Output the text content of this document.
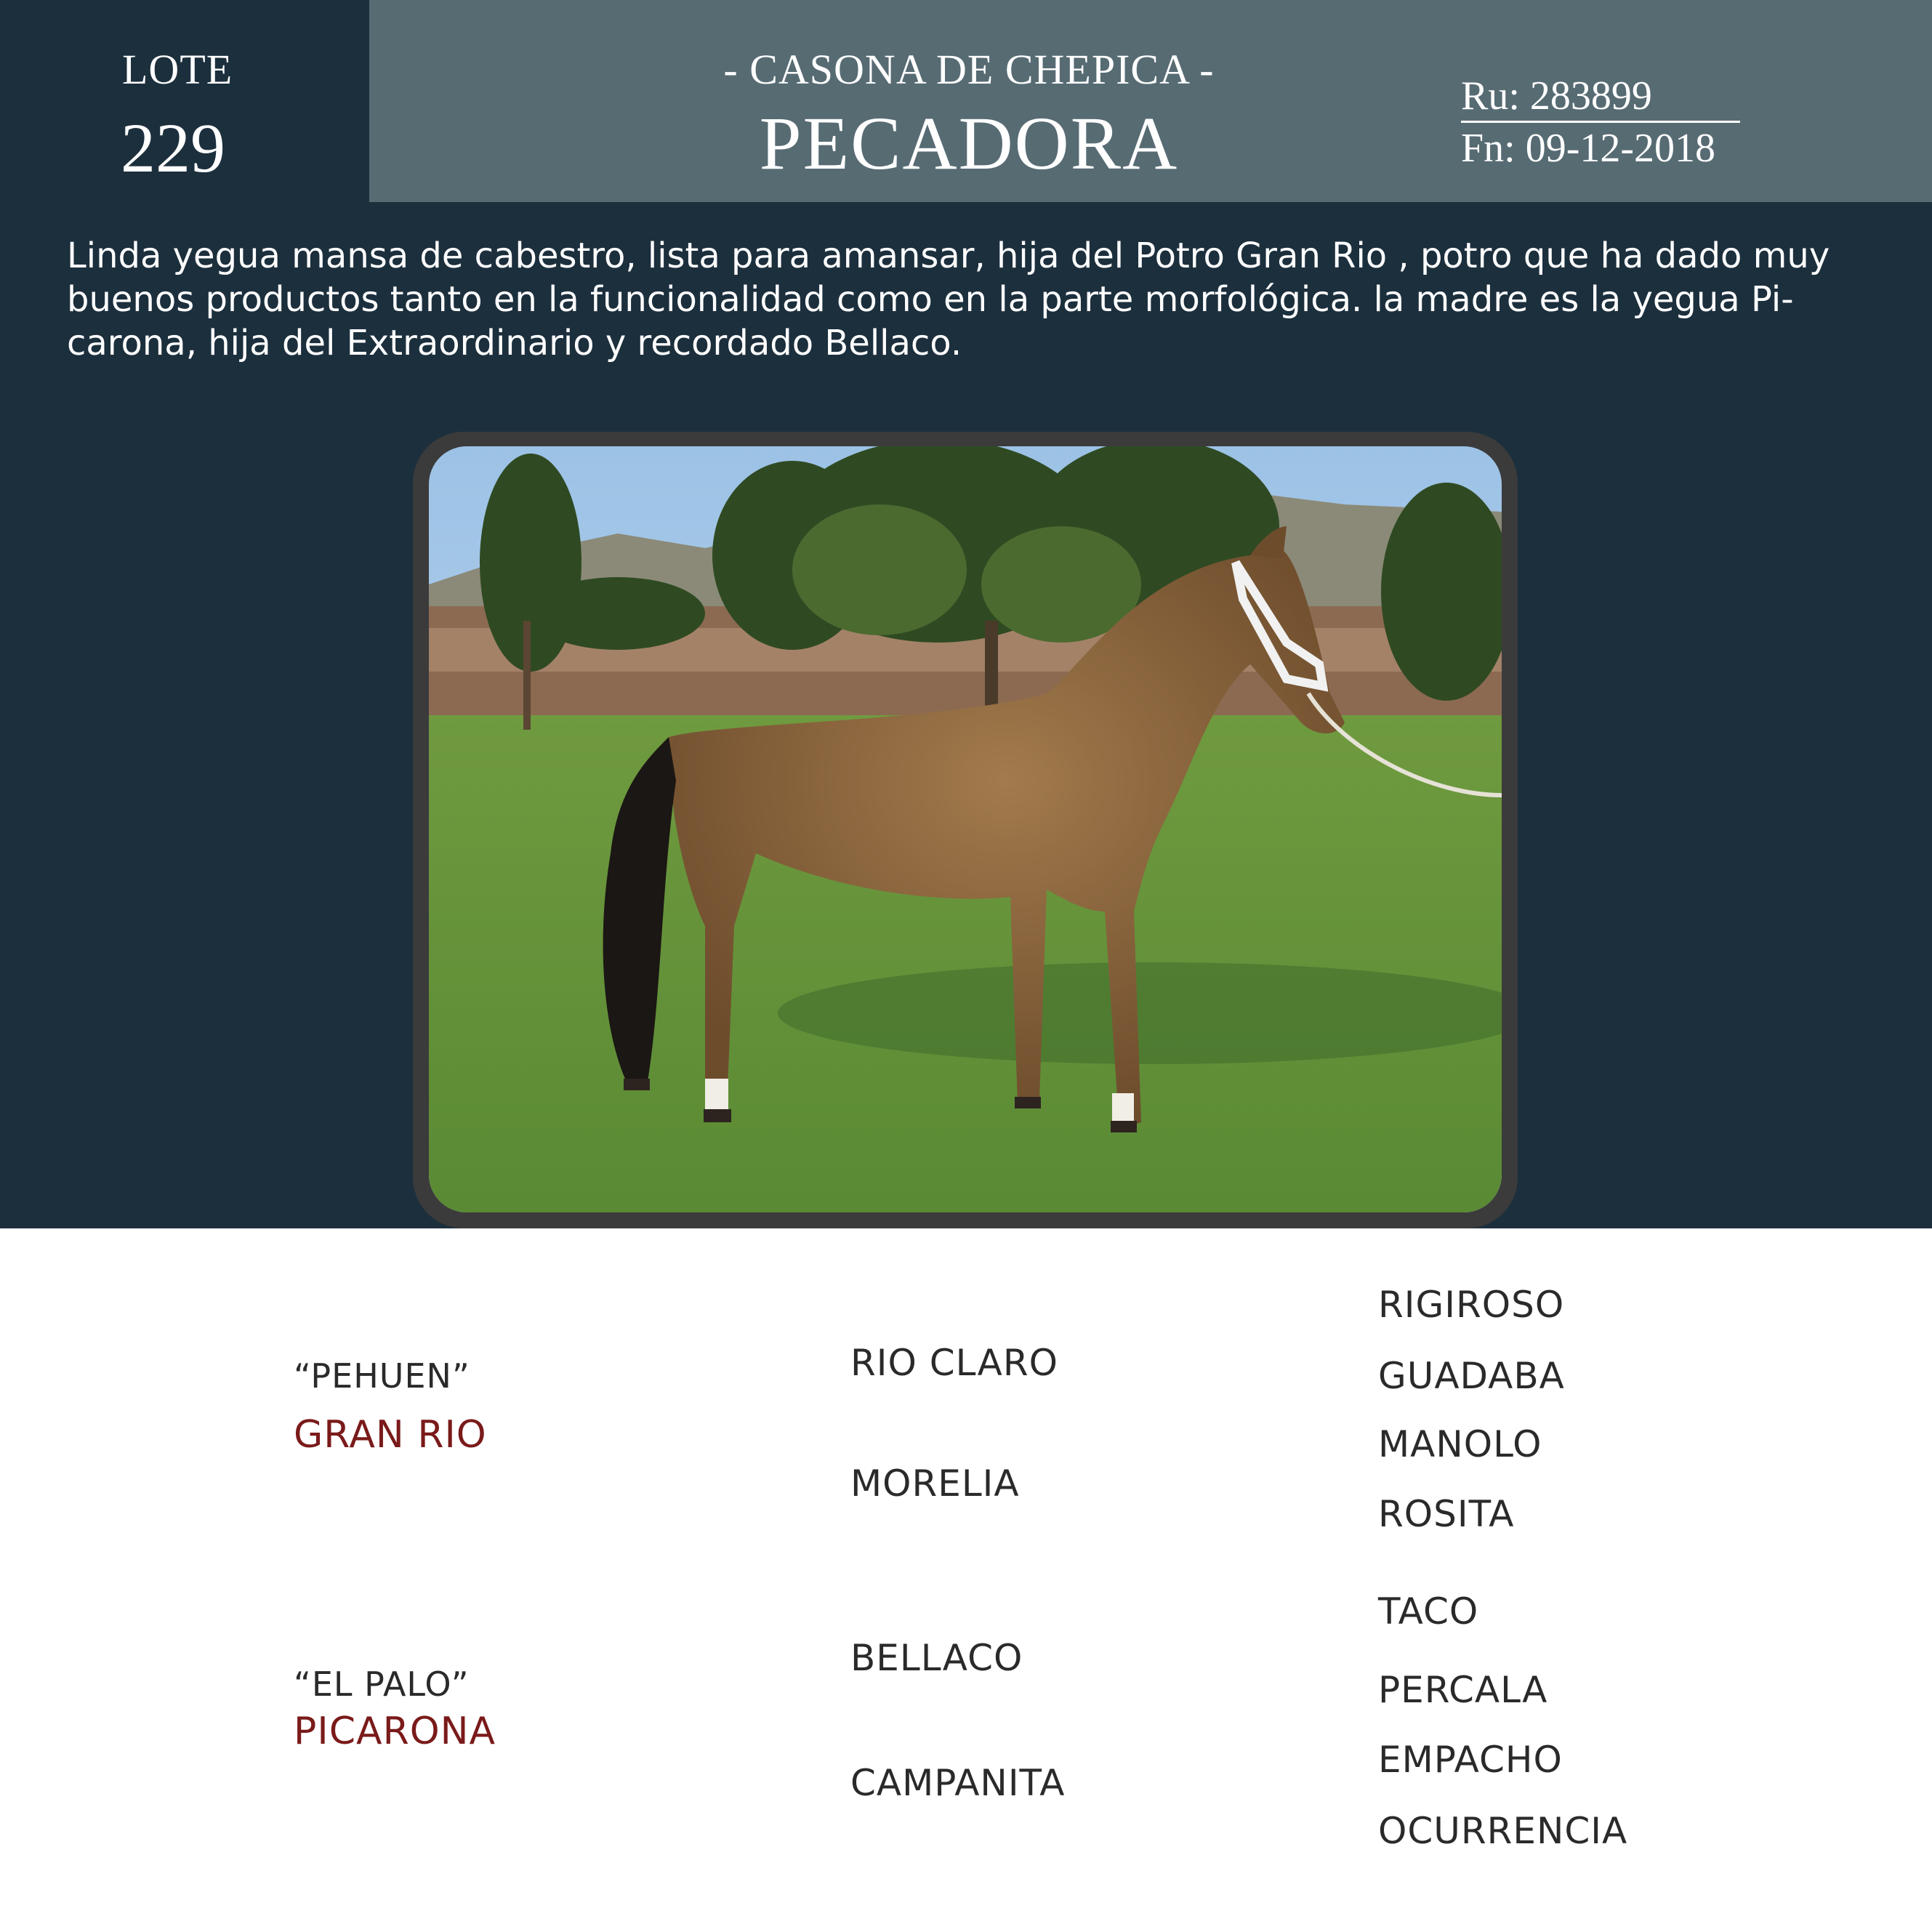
LOTE
229
- CASONA DE CHEPICA -
PECADORA
Ru: 283899
Fn: 09-12-2018

Linda yegua mansa de cabestro, lista para amansar, hija del Potro Gran Rio , potro que ha dado muy

buenos productos tanto en la funcionalidad como en la parte morfológica. la madre es la yegua Pi-

carona, hija del Extraordinario y recordado Bellaco.

“PEHUEN”
GRAN RIO
“EL PALO”
PICARONA
RIO CLARO
MORELIA
BELLACO
CAMPANITA
RIGIROSO
GUADABA
MANOLO
ROSITA
TACO
PERCALA
EMPACHO
OCURRENCIA
